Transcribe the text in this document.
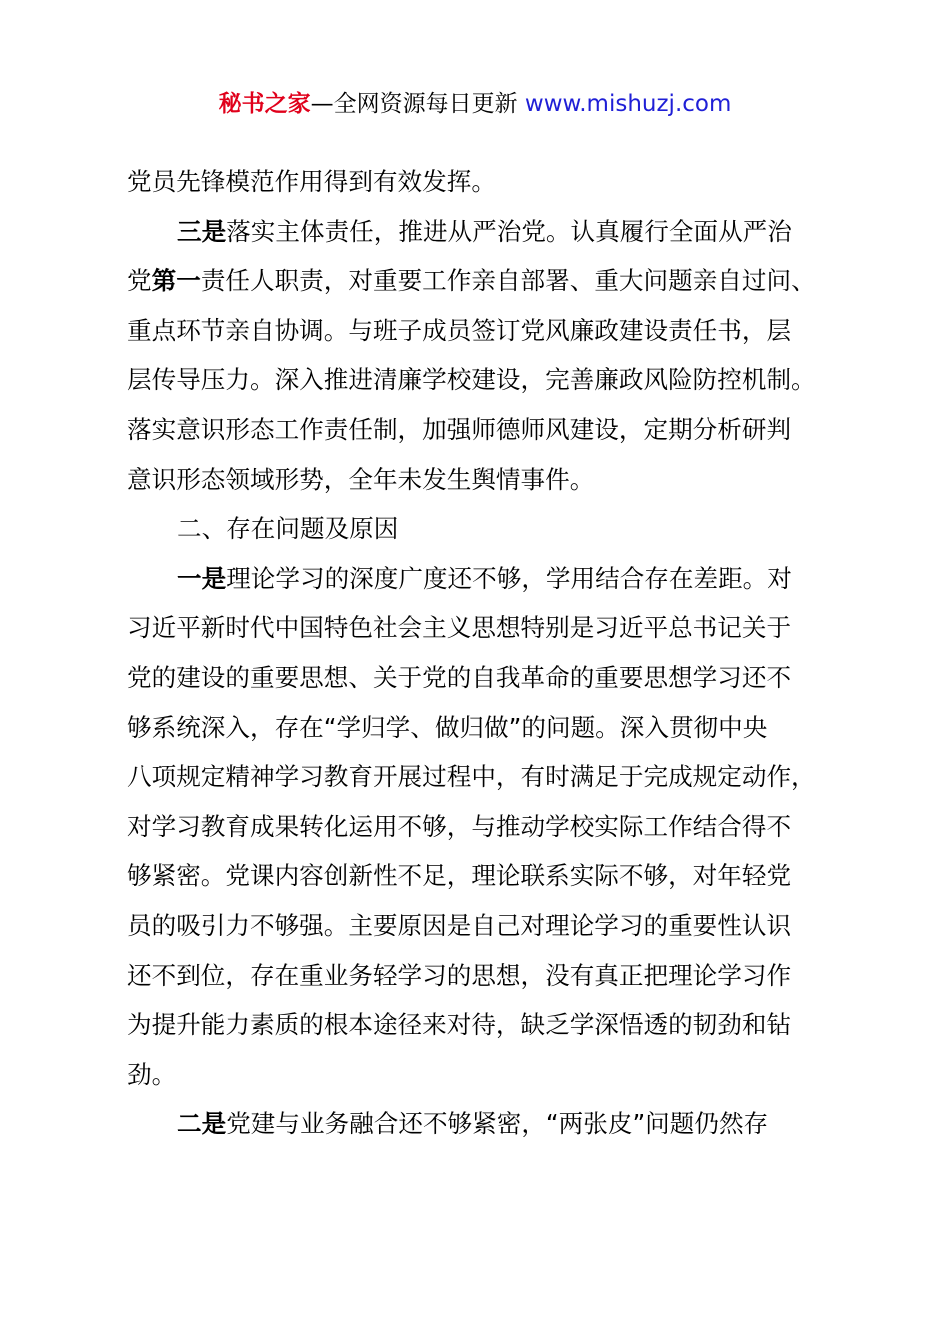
秘书之家—全网资源每日更新 www.mishuzj.com
党员先锋模范作用得到有效发挥。
三是落实主体责任，推进从严治党。认真履行全面从严治
党第一责任人职责，对重要工作亲自部署、重大问题亲自过问、
重点环节亲自协调。与班子成员签订党风廉政建设责任书，层
层传导压力。深入推进清廉学校建设，完善廉政风险防控机制。
落实意识形态工作责任制，加强师德师风建设，定期分析研判
意识形态领域形势，全年未发生舆情事件。
二、存在问题及原因
一是理论学习的深度广度还不够，学用结合存在差距。对
习近平新时代中国特色社会主义思想特别是习近平总书记关于
党的建设的重要思想、关于党的自我革命的重要思想学习还不
够系统深入，存在“学归学、做归做”的问题。深入贯彻中央
八项规定精神学习教育开展过程中，有时满足于完成规定动作，
对学习教育成果转化运用不够，与推动学校实际工作结合得不
够紧密。党课内容创新性不足，理论联系实际不够，对年轻党
员的吸引力不够强。主要原因是自己对理论学习的重要性认识
还不到位，存在重业务轻学习的思想，没有真正把理论学习作
为提升能力素质的根本途径来对待，缺乏学深悟透的韧劲和钻
劲。
二是党建与业务融合还不够紧密，“两张皮”问题仍然存
